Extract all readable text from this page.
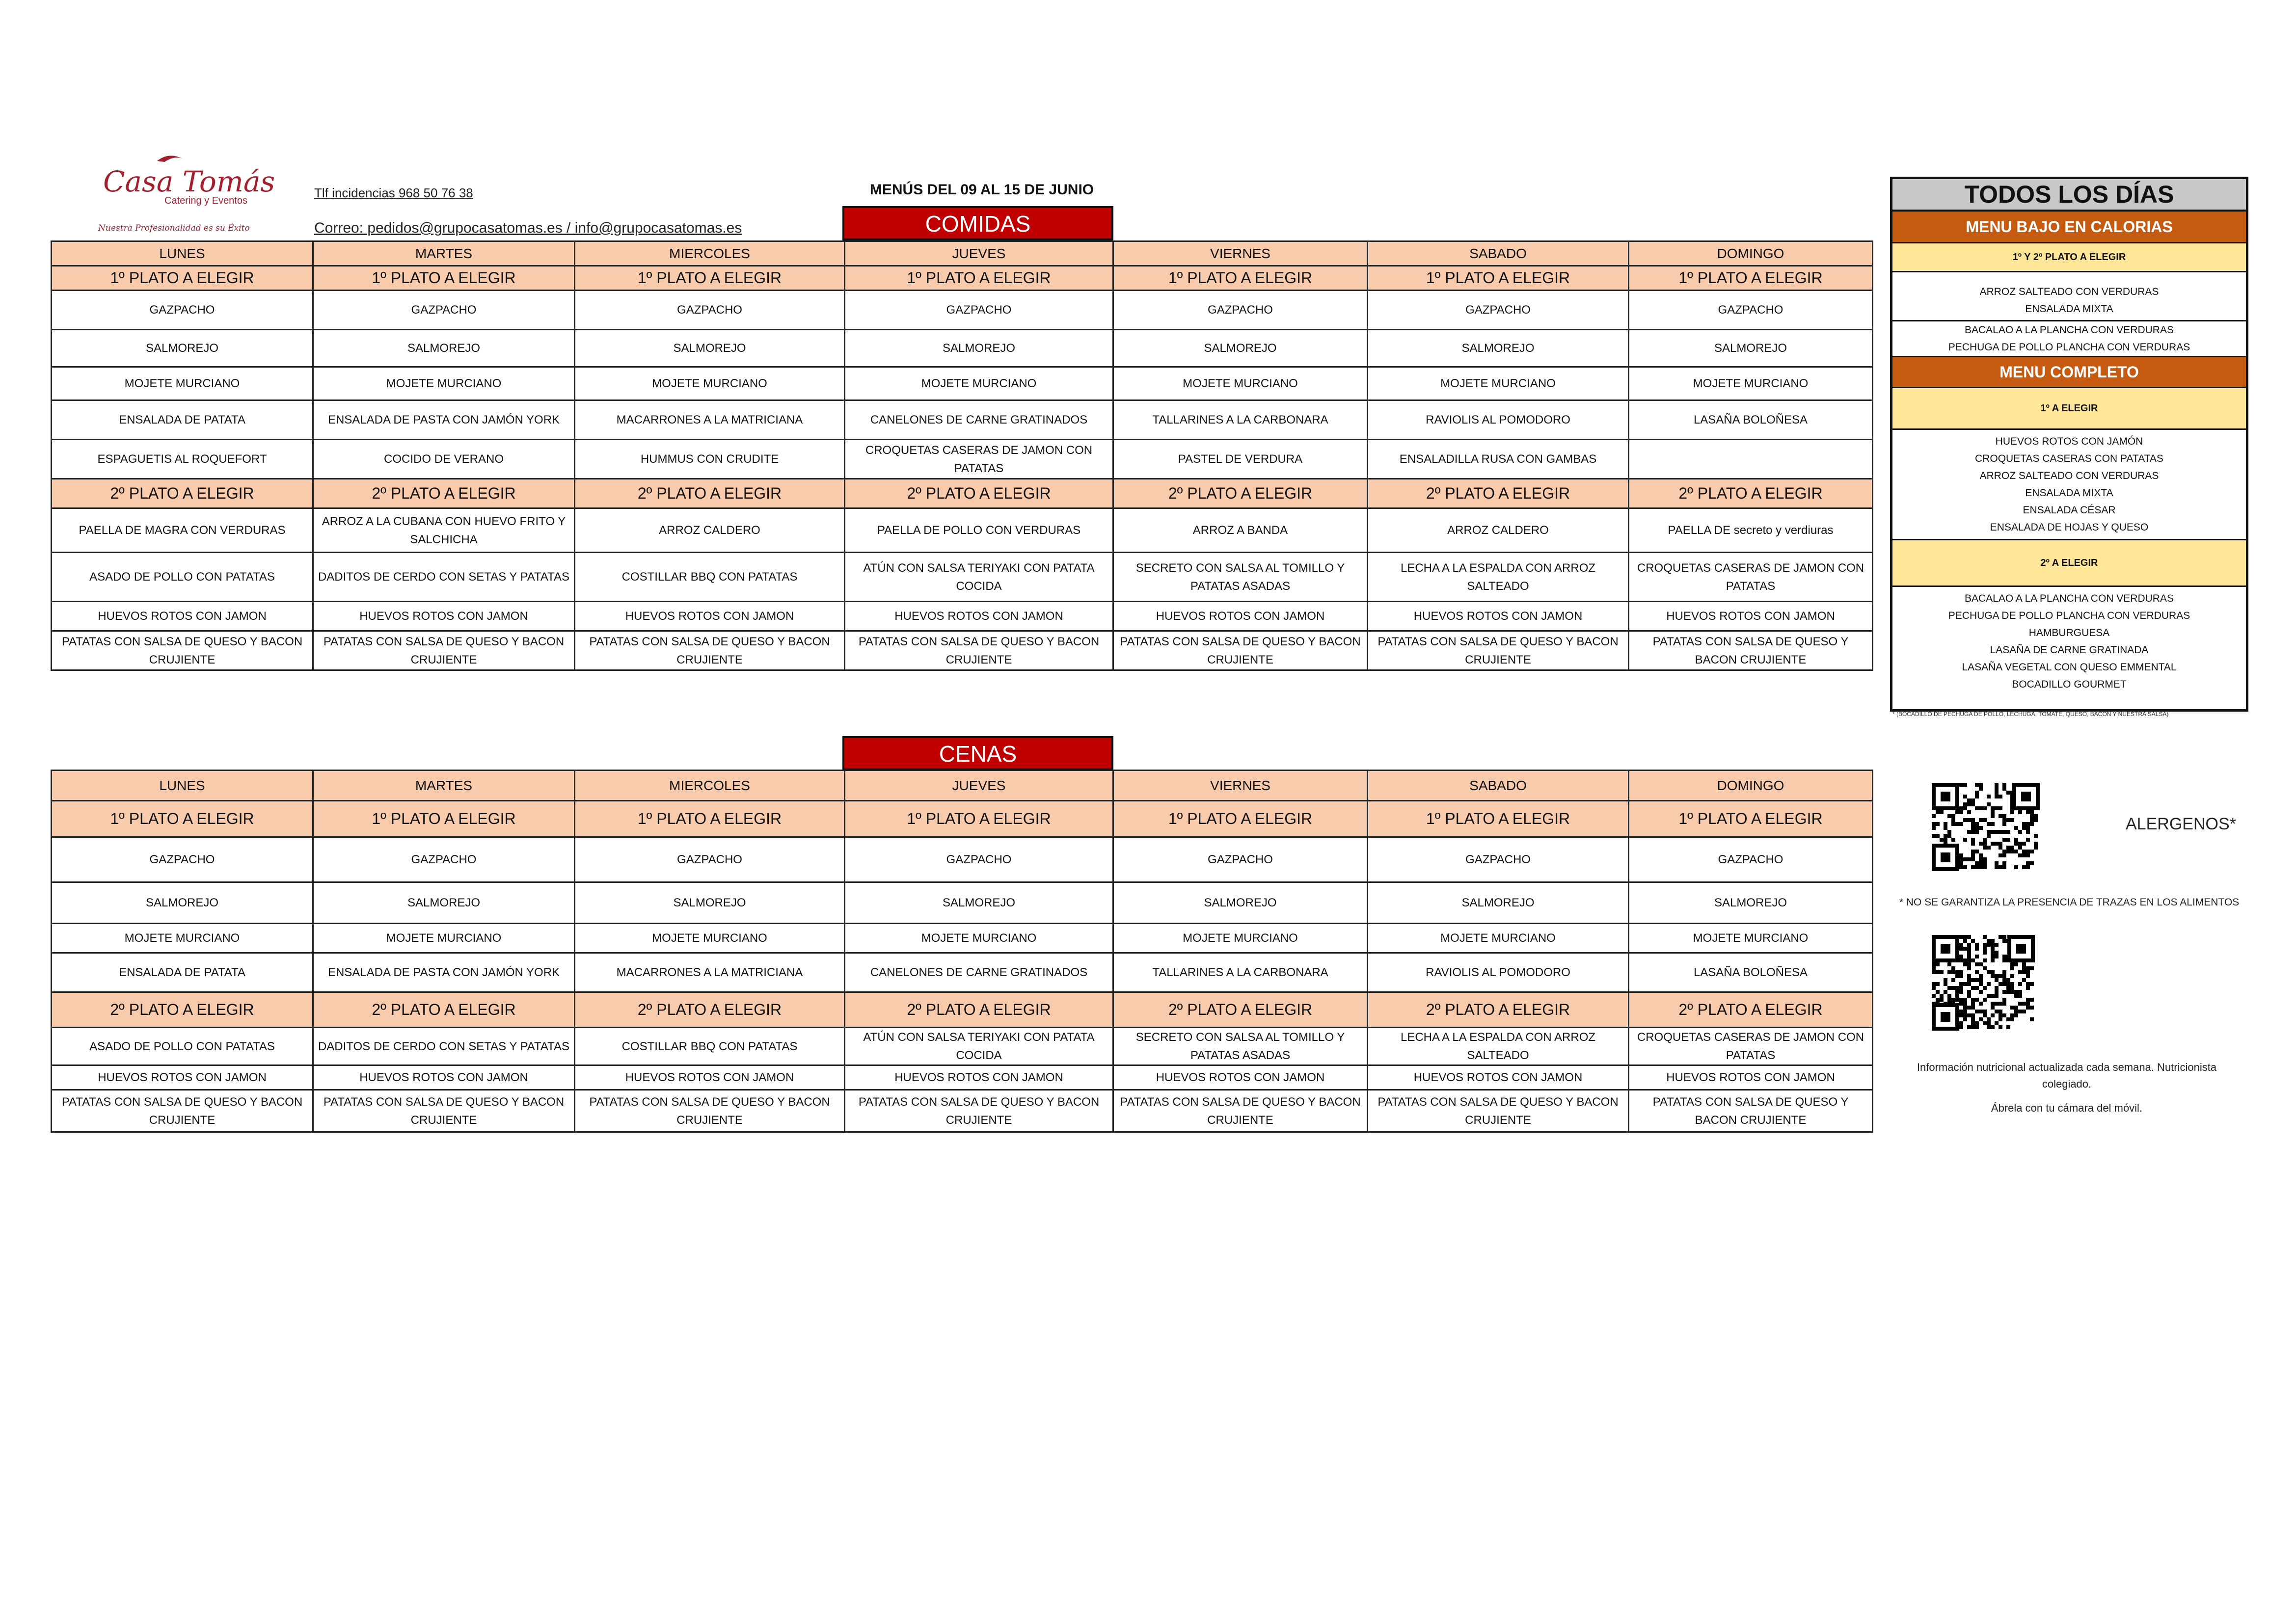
Casa Tomás
Catering y Eventos
Nuestra Profesionalidad es su Éxito
Tlf incidencias 968 50 76 38
Correo: pedidos@grupocasatomas.es / info@grupocasatomas.es
MENÚS DEL 09 AL 15 DE JUNIO
COMIDAS
LUNES	MARTES	MIERCOLES	JUEVES	VIERNES	SABADO	DOMINGO
1º PLATO A ELEGIR	1º PLATO A ELEGIR	1º PLATO A ELEGIR	1º PLATO A ELEGIR	1º PLATO A ELEGIR	1º PLATO A ELEGIR	1º PLATO A ELEGIR
GAZPACHO	GAZPACHO	GAZPACHO	GAZPACHO	GAZPACHO	GAZPACHO	GAZPACHO
SALMOREJO	SALMOREJO	SALMOREJO	SALMOREJO	SALMOREJO	SALMOREJO	SALMOREJO
MOJETE MURCIANO	MOJETE MURCIANO	MOJETE MURCIANO	MOJETE MURCIANO	MOJETE MURCIANO	MOJETE MURCIANO	MOJETE MURCIANO
ENSALADA DE PATATA	ENSALADA DE PASTA CON JAMÓN YORK	MACARRONES A LA MATRICIANA	CANELONES DE CARNE GRATINADOS	TALLARINES A LA CARBONARA	RAVIOLIS AL POMODORO	LASAÑA BOLOÑESA
ESPAGUETIS AL ROQUEFORT	COCIDO DE VERANO	HUMMUS CON CRUDITE	CROQUETAS CASERAS DE JAMON CON PATATAS	PASTEL DE VERDURA	ENSALADILLA RUSA CON GAMBAS	
2º PLATO A ELEGIR	2º PLATO A ELEGIR	2º PLATO A ELEGIR	2º PLATO A ELEGIR	2º PLATO A ELEGIR	2º PLATO A ELEGIR	2º PLATO A ELEGIR
PAELLA DE MAGRA CON VERDURAS	ARROZ A LA CUBANA CON HUEVO FRITO Y SALCHICHA	ARROZ CALDERO	PAELLA DE POLLO CON VERDURAS	ARROZ A BANDA	ARROZ CALDERO	PAELLA DE secreto y verdiuras
ASADO DE POLLO CON PATATAS	DADITOS DE CERDO CON SETAS Y PATATAS	COSTILLAR BBQ CON PATATAS	ATÚN CON SALSA TERIYAKI CON PATATA COCIDA	SECRETO CON SALSA AL TOMILLO Y PATATAS ASADAS	LECHA A LA ESPALDA CON ARROZ SALTEADO	CROQUETAS CASERAS DE JAMON CON PATATAS
HUEVOS ROTOS CON JAMON	HUEVOS ROTOS CON JAMON	HUEVOS ROTOS CON JAMON	HUEVOS ROTOS CON JAMON	HUEVOS ROTOS CON JAMON	HUEVOS ROTOS CON JAMON	HUEVOS ROTOS CON JAMON
PATATAS CON SALSA DE QUESO Y BACON CRUJIENTE	PATATAS CON SALSA DE QUESO Y BACON CRUJIENTE	PATATAS CON SALSA DE QUESO Y BACON CRUJIENTE	PATATAS CON SALSA DE QUESO Y BACON CRUJIENTE	PATATAS CON SALSA DE QUESO Y BACON CRUJIENTE	PATATAS CON SALSA DE QUESO Y BACON CRUJIENTE	PATATAS CON SALSA DE QUESO Y BACON CRUJIENTE
CENAS
LUNES	MARTES	MIERCOLES	JUEVES	VIERNES	SABADO	DOMINGO
1º PLATO A ELEGIR	1º PLATO A ELEGIR	1º PLATO A ELEGIR	1º PLATO A ELEGIR	1º PLATO A ELEGIR	1º PLATO A ELEGIR	1º PLATO A ELEGIR
GAZPACHO	GAZPACHO	GAZPACHO	GAZPACHO	GAZPACHO	GAZPACHO	GAZPACHO
SALMOREJO	SALMOREJO	SALMOREJO	SALMOREJO	SALMOREJO	SALMOREJO	SALMOREJO
MOJETE MURCIANO	MOJETE MURCIANO	MOJETE MURCIANO	MOJETE MURCIANO	MOJETE MURCIANO	MOJETE MURCIANO	MOJETE MURCIANO
ENSALADA DE PATATA	ENSALADA DE PASTA CON JAMÓN YORK	MACARRONES A LA MATRICIANA	CANELONES DE CARNE GRATINADOS	TALLARINES A LA CARBONARA	RAVIOLIS AL POMODORO	LASAÑA BOLOÑESA
2º PLATO A ELEGIR	2º PLATO A ELEGIR	2º PLATO A ELEGIR	2º PLATO A ELEGIR	2º PLATO A ELEGIR	2º PLATO A ELEGIR	2º PLATO A ELEGIR
ASADO DE POLLO CON PATATAS	DADITOS DE CERDO CON SETAS Y PATATAS	COSTILLAR BBQ CON PATATAS	ATÚN CON SALSA TERIYAKI CON PATATA COCIDA	SECRETO CON SALSA AL TOMILLO Y PATATAS ASADAS	LECHA A LA ESPALDA CON ARROZ SALTEADO	CROQUETAS CASERAS DE JAMON CON PATATAS
HUEVOS ROTOS CON JAMON	HUEVOS ROTOS CON JAMON	HUEVOS ROTOS CON JAMON	HUEVOS ROTOS CON JAMON	HUEVOS ROTOS CON JAMON	HUEVOS ROTOS CON JAMON	HUEVOS ROTOS CON JAMON
PATATAS CON SALSA DE QUESO Y BACON CRUJIENTE	PATATAS CON SALSA DE QUESO Y BACON CRUJIENTE	PATATAS CON SALSA DE QUESO Y BACON CRUJIENTE	PATATAS CON SALSA DE QUESO Y BACON CRUJIENTE	PATATAS CON SALSA DE QUESO Y BACON CRUJIENTE	PATATAS CON SALSA DE QUESO Y BACON CRUJIENTE	PATATAS CON SALSA DE QUESO Y BACON CRUJIENTE
TODOS LOS DÍAS
MENU BAJO EN CALORIAS
1º Y 2º PLATO A ELEGIR
ARROZ SALTEADO CON VERDURAS
ENSALADA MIXTA
BACALAO A LA PLANCHA CON VERDURAS
PECHUGA DE POLLO PLANCHA CON VERDURAS
MENU COMPLETO
1º A ELEGIR
HUEVOS ROTOS CON JAMÓN
CROQUETAS CASERAS CON PATATAS
ARROZ SALTEADO CON VERDURAS
ENSALADA MIXTA
ENSALADA CÉSAR
ENSALADA DE HOJAS Y QUESO
2º A ELEGIR
BACALAO A LA PLANCHA CON VERDURAS
PECHUGA DE POLLO PLANCHA CON VERDURAS
HAMBURGUESA
LASAÑA DE CARNE GRATINADA
LASAÑA VEGETAL CON QUESO EMMENTAL
BOCADILLO GOURMET
* (BOCADILLO DE PECHUGA DE POLLO, LECHUGA, TOMATE, QUESO, BACON Y NUESTRA SALSA)
ALERGENOS*
* NO SE GARANTIZA LA PRESENCIA DE TRAZAS EN LOS ALIMENTOS
Información nutricional actualizada cada semana. Nutricionista colegiado.
Ábrela con tu cámara del móvil.
